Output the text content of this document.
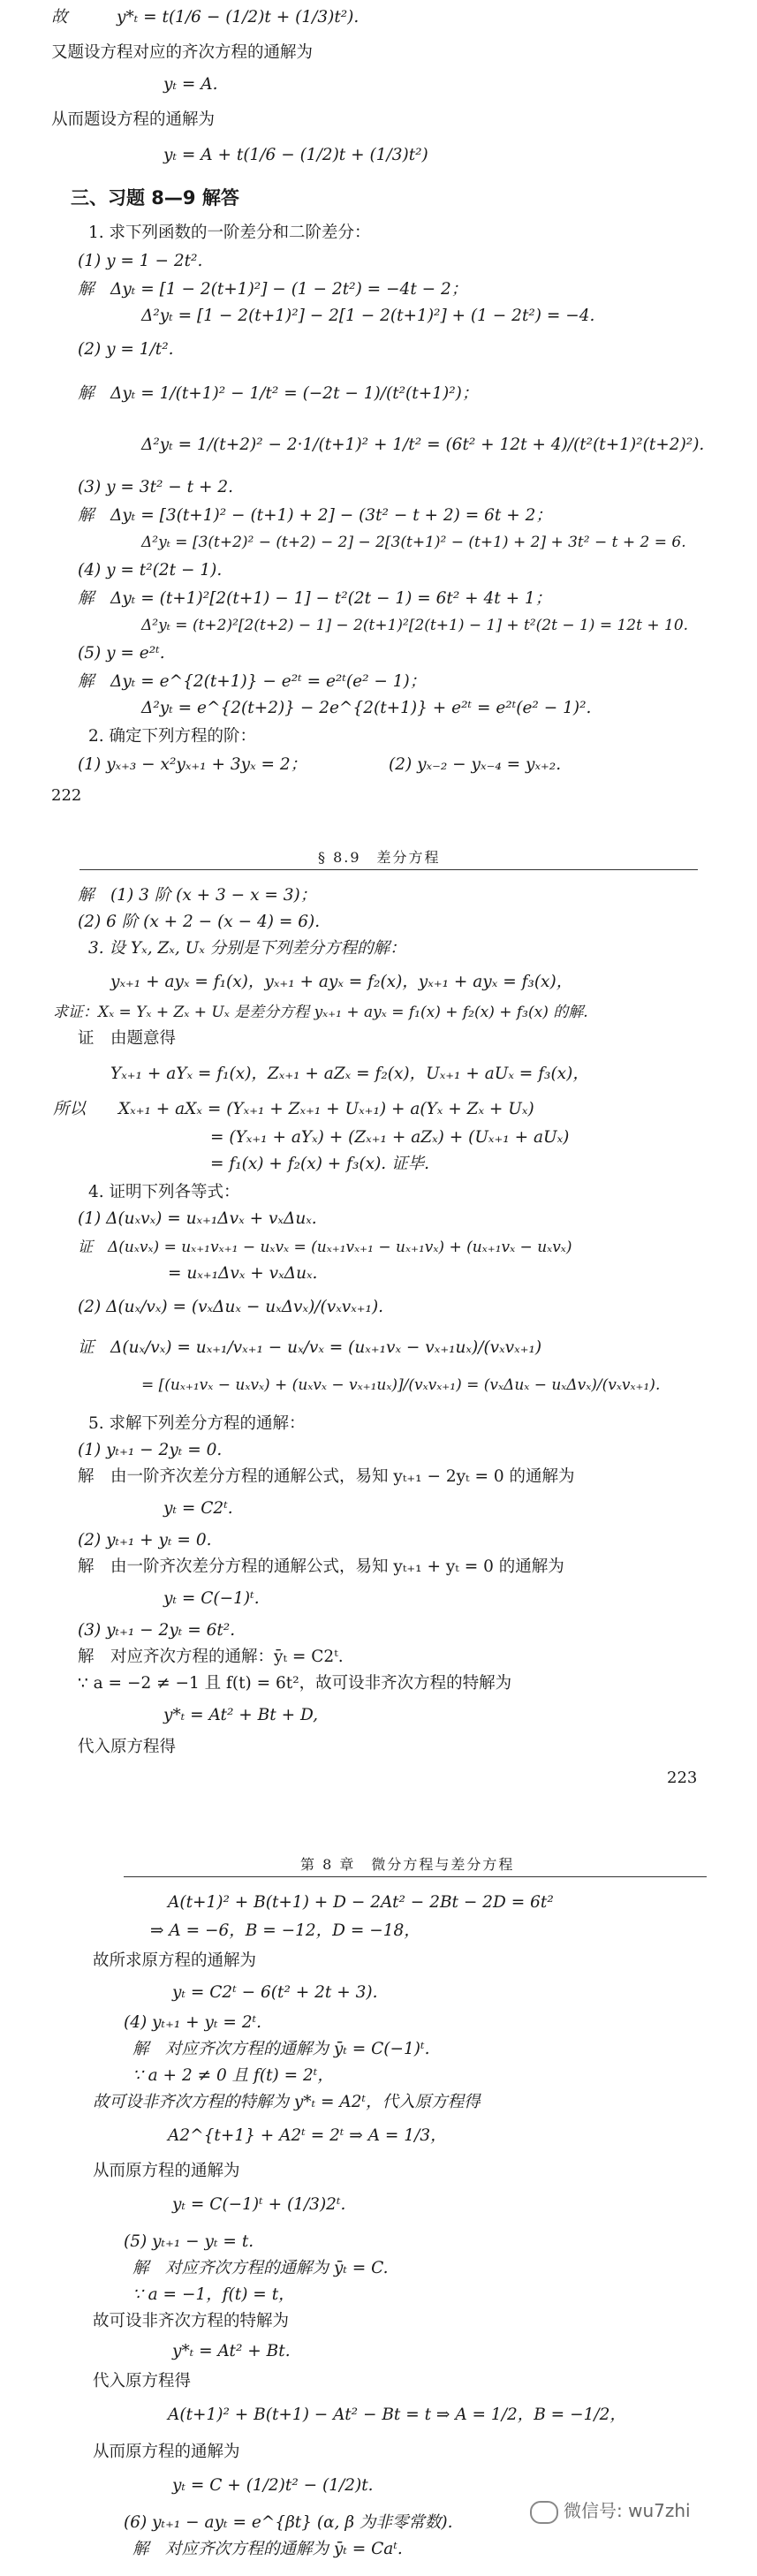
故　　　y*ₜ = t(1/6 − (1/2)t + (1/3)t²).
又题设方程对应的齐次方程的通解为
yₜ = A.
从而题设方程的通解为
yₜ = A + t(1/6 − (1/2)t + (1/3)t²)
三、习题 8—9 解答
1. 求下列函数的一阶差分和二阶差分：
(1) y = 1 − 2t².
解　Δyₜ = [1 − 2(t+1)²] − (1 − 2t²) = −4t − 2；
Δ²yₜ = [1 − 2(t+1)²] − 2[1 − 2(t+1)²] + (1 − 2t²) = −4.
(2) y = 1/t².
解　Δyₜ = 1/(t+1)² − 1/t² = (−2t − 1)/(t²(t+1)²)；
Δ²yₜ = 1/(t+2)² − 2·1/(t+1)² + 1/t² = (6t² + 12t + 4)/(t²(t+1)²(t+2)²).
(3) y = 3t² − t + 2.
解　Δyₜ = [3(t+1)² − (t+1) + 2] − (3t² − t + 2) = 6t + 2；
Δ²yₜ = [3(t+2)² − (t+2) − 2] − 2[3(t+1)² − (t+1) + 2] + 3t² − t + 2 = 6.
(4) y = t²(2t − 1).
解　Δyₜ = (t+1)²[2(t+1) − 1] − t²(2t − 1) = 6t² + 4t + 1；
Δ²yₜ = (t+2)²[2(t+2) − 1] − 2(t+1)²[2(t+1) − 1] + t²(2t − 1) = 12t + 10.
(5) y = e²ᵗ.
解　Δyₜ = e^{2(t+1)} − e²ᵗ = e²ᵗ(e² − 1)；
Δ²yₜ = e^{2(t+2)} − 2e^{2(t+1)} + e²ᵗ = e²ᵗ(e² − 1)².
2. 确定下列方程的阶：
(1) yₓ₊₃ − x²yₓ₊₁ + 3yₓ = 2；	(2) yₓ₋₂ − yₓ₋₄ = yₓ₊₂.
222
§ 8.9　差分方程
解　(1) 3 阶 (x + 3 − x = 3)；
(2) 6 阶 (x + 2 − (x − 4) = 6).
3. 设 Yₓ, Zₓ, Uₓ 分别是下列差分方程的解：
yₓ₊₁ + ayₓ = f₁(x)，yₓ₊₁ + ayₓ = f₂(x)，yₓ₊₁ + ayₓ = f₃(x)，
求证：Xₓ = Yₓ + Zₓ + Uₓ 是差分方程 yₓ₊₁ + ayₓ = f₁(x) + f₂(x) + f₃(x) 的解.
证　由题意得
Yₓ₊₁ + aYₓ = f₁(x)，Zₓ₊₁ + aZₓ = f₂(x)，Uₓ₊₁ + aUₓ = f₃(x)，
所以　　Xₓ₊₁ + aXₓ = (Yₓ₊₁ + Zₓ₊₁ + Uₓ₊₁) + a(Yₓ + Zₓ + Uₓ)
= (Yₓ₊₁ + aYₓ) + (Zₓ₊₁ + aZₓ) + (Uₓ₊₁ + aUₓ)
= f₁(x) + f₂(x) + f₃(x). 证毕.
4. 证明下列各等式：
(1) Δ(uₓvₓ) = uₓ₊₁Δvₓ + vₓΔuₓ.
证　Δ(uₓvₓ) = uₓ₊₁vₓ₊₁ − uₓvₓ = (uₓ₊₁vₓ₊₁ − uₓ₊₁vₓ) + (uₓ₊₁vₓ − uₓvₓ)
= uₓ₊₁Δvₓ + vₓΔuₓ.
(2) Δ(uₓ/vₓ) = (vₓΔuₓ − uₓΔvₓ)/(vₓvₓ₊₁).
证　Δ(uₓ/vₓ) = uₓ₊₁/vₓ₊₁ − uₓ/vₓ = (uₓ₊₁vₓ − vₓ₊₁uₓ)/(vₓvₓ₊₁)
= [(uₓ₊₁vₓ − uₓvₓ) + (uₓvₓ − vₓ₊₁uₓ)]/(vₓvₓ₊₁) = (vₓΔuₓ − uₓΔvₓ)/(vₓvₓ₊₁).
5. 求解下列差分方程的通解：
(1) yₜ₊₁ − 2yₜ = 0.
解　由一阶齐次差分方程的通解公式，易知 yₜ₊₁ − 2yₜ = 0 的通解为
yₜ = C2ᵗ.
(2) yₜ₊₁ + yₜ = 0.
解　由一阶齐次差分方程的通解公式，易知 yₜ₊₁ + yₜ = 0 的通解为
yₜ = C(−1)ᵗ.
(3) yₜ₊₁ − 2yₜ = 6t².
解　对应齐次方程的通解：ȳₜ = C2ᵗ.
∵ a = −2 ≠ −1 且 f(t) = 6t²，故可设非齐次方程的特解为
y*ₜ = At² + Bt + D,
代入原方程得
223
第 8 章　微分方程与差分方程
A(t+1)² + B(t+1) + D − 2At² − 2Bt − 2D = 6t²
⇒ A = −6，B = −12，D = −18，
故所求原方程的通解为
yₜ = C2ᵗ − 6(t² + 2t + 3).
(4) yₜ₊₁ + yₜ = 2ᵗ.
解　对应齐次方程的通解为 ȳₜ = C(−1)ᵗ.
∵ a + 2 ≠ 0 且 f(t) = 2ᵗ，
故可设非齐次方程的特解为 y*ₜ = A2ᵗ，代入原方程得
A2^{t+1} + A2ᵗ = 2ᵗ ⇒ A = 1/3，
从而原方程的通解为
yₜ = C(−1)ᵗ + (1/3)2ᵗ.
(5) yₜ₊₁ − yₜ = t.
解　对应齐次方程的通解为 ȳₜ = C.
∵ a = −1，f(t) = t，
故可设非齐次方程的特解为
y*ₜ = At² + Bt.
代入原方程得
A(t+1)² + B(t+1) − At² − Bt = t ⇒ A = 1/2，B = −1/2，
从而原方程的通解为
yₜ = C + (1/2)t² − (1/2)t.
(6) yₜ₊₁ − ayₜ = e^{βt} (α, β 为非零常数).
解　对应齐次方程的通解为 ȳₜ = Caᵗ.
微信号: wu7zhi
